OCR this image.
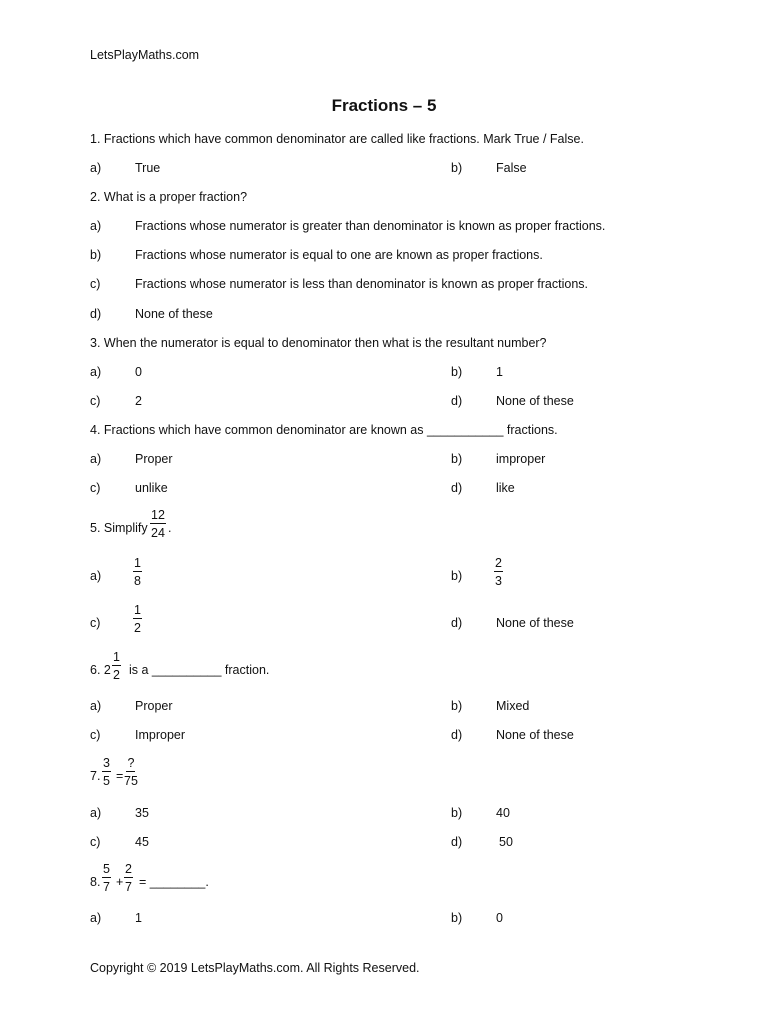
LetsPlayMaths.com
Fractions – 5
1. Fractions which have common denominator are called like fractions. Mark True / False.
a)	True	b)	False
2. What is a proper fraction?
a)	Fractions whose numerator is greater than denominator is known as proper fractions.
b)	Fractions whose numerator is equal to one are known as proper fractions.
c)	Fractions whose numerator is less than denominator is known as proper fractions.
d)	None of these
3. When the numerator is equal to denominator then what is the resultant number?
a)	0	b)	1
c)	2	d)	None of these
4. Fractions which have common denominator are known as ___________ fractions.
a)	Proper	b)	improper
c)	unlike	d)	like
5. Simplify $\frac{12}{24}$ .
a)	$\frac{1}{8}$	b)	$\frac{2}{3}$
c)	$\frac{1}{2}$	d)	None of these
6. $2 \frac{1}{2}$ is a __________ fraction.
a)	Proper	b)	Mixed
c)	Improper	d)	None of these
7. $\frac{3}{5}$ =
?
75
a)	35	b)	40
c)	45	d)	50
8. $\frac{5}{7} + \frac{2}{7}$ = ________.
a)	1	b)	0
Copyright © 2019 LetsPlayMaths.com. All Rights Reserved.
